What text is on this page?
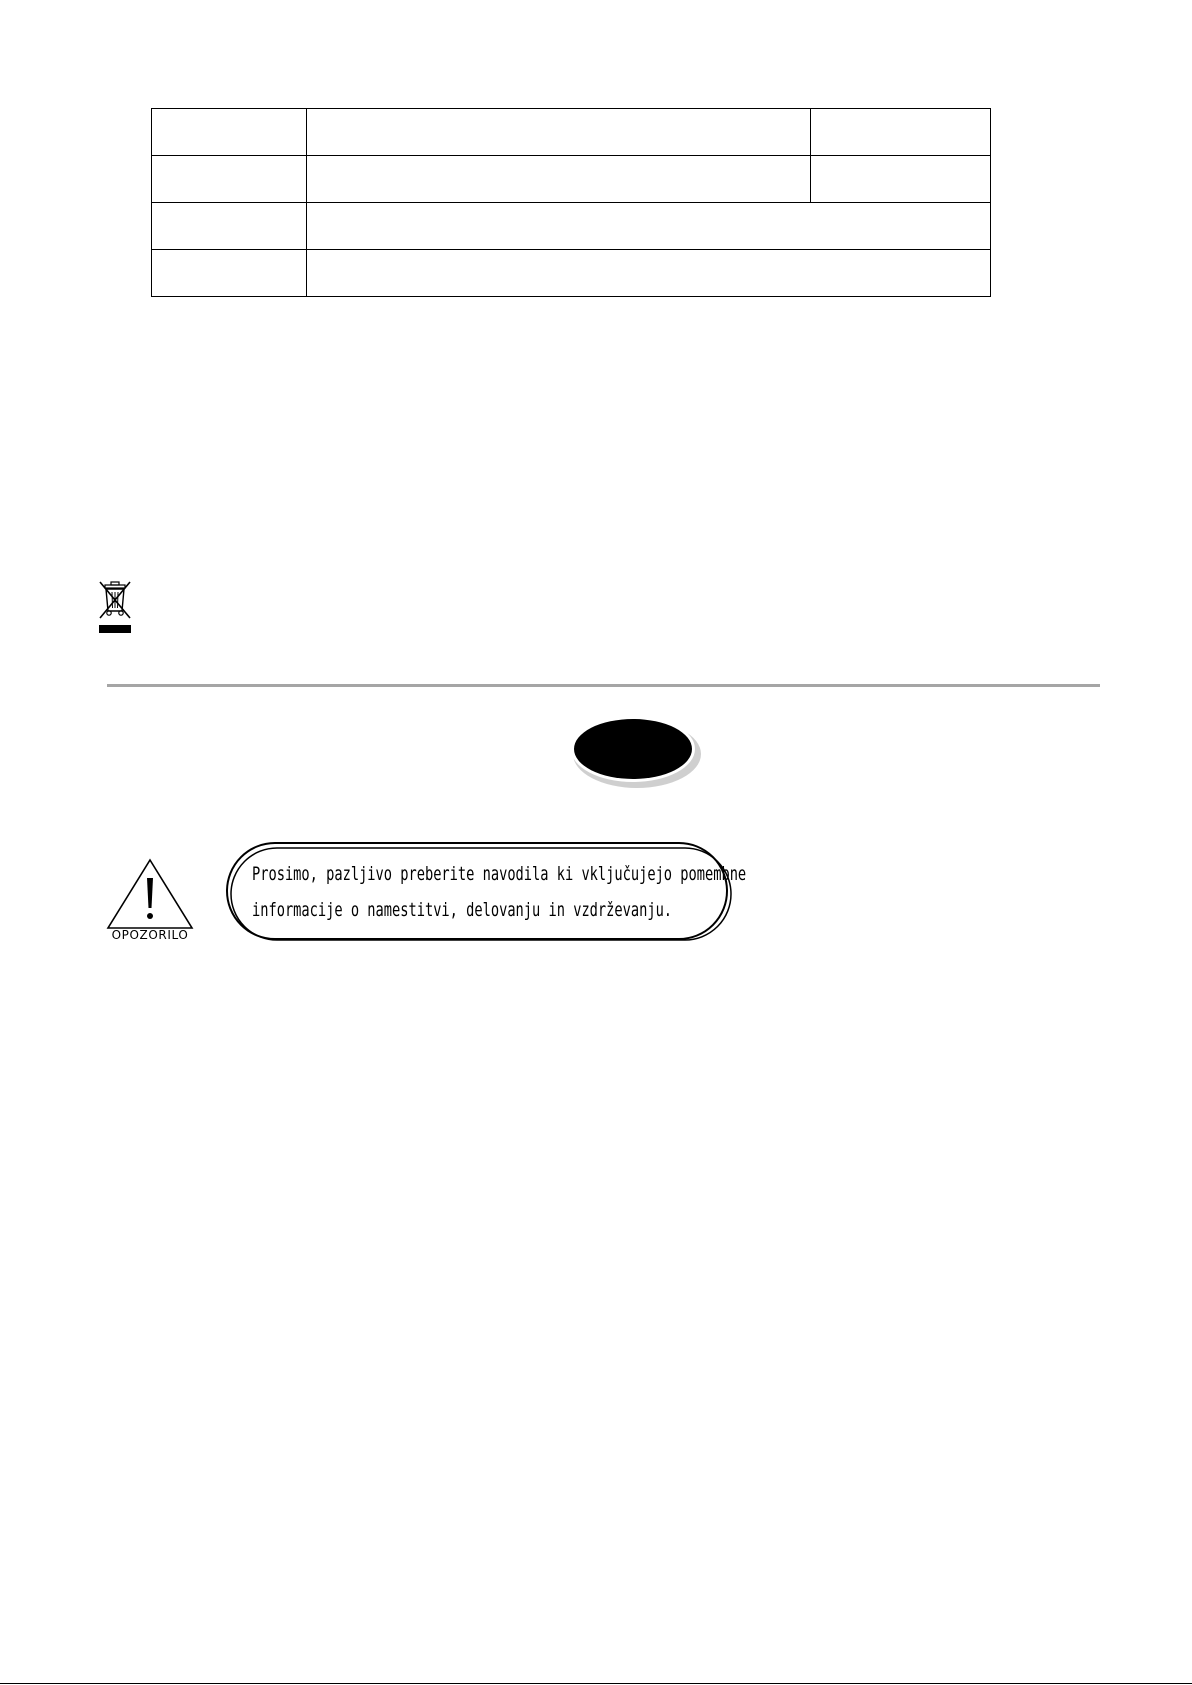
OPOZORILO
Prosimo, pazljivo preberite navodila ki vključujejo pomembne
informacije o namestitvi, delovanju in vzdrževanju.
